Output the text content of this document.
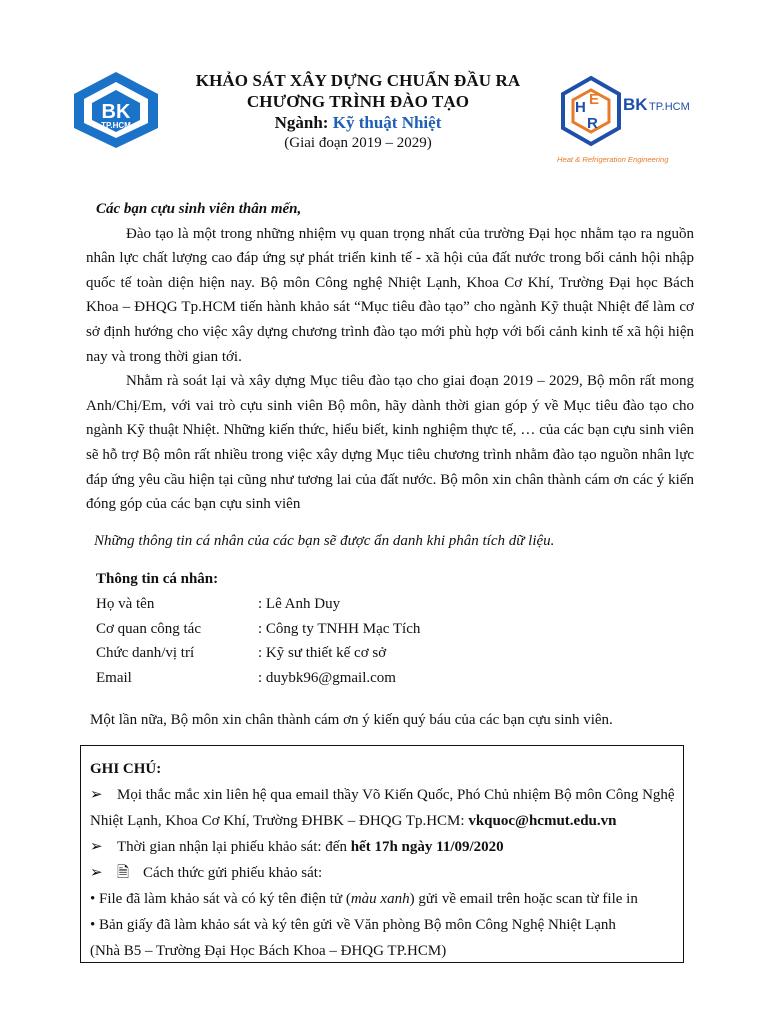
BK
TP.HCM
KHẢO SÁT XÂY DỰNG CHUẨN ĐẦU RA
CHƯƠNG TRÌNH ĐÀO TẠO
Ngành: Kỹ thuật Nhiệt
(Giai đoạn 2019 – 2029)
H E
R
BK TP.HCM
Heat & Refrigeration Engineering

Các bạn cựu sinh viên thân mến,

Đào tạo là một trong những nhiệm vụ quan trọng nhất của trường Đại học nhằm tạo ra nguồn nhân lực chất lượng cao đáp ứng sự phát triển kinh tế - xã hội của đất nước trong bối cảnh hội nhập quốc tế toàn diện hiện nay. Bộ môn Công nghệ Nhiệt Lạnh, Khoa Cơ Khí, Trường Đại học Bách Khoa – ĐHQG Tp.HCM tiến hành khảo sát “Mục tiêu đào tạo” cho ngành Kỹ thuật Nhiệt để làm cơ sở định hướng cho việc xây dựng chương trình đào tạo mới phù hợp với bối cảnh kinh tế xã hội hiện nay và trong thời gian tới.

Nhằm rà soát lại và xây dựng Mục tiêu đào tạo cho giai đoạn 2019 – 2029, Bộ môn rất mong Anh/Chị/Em, với vai trò cựu sinh viên Bộ môn, hãy dành thời gian góp ý về Mục tiêu đào tạo cho ngành Kỹ thuật Nhiệt. Những kiến thức, hiểu biết, kinh nghiệm thực tế, … của các bạn cựu sinh viên sẽ hỗ trợ Bộ môn rất nhiều trong việc xây dựng Mục tiêu chương trình nhằm đào tạo nguồn nhân lực đáp ứng yêu cầu hiện tại cũng như tương lai của đất nước. Bộ môn xin chân thành cám ơn các ý kiến đóng góp của các bạn cựu sinh viên

Những thông tin cá nhân của các bạn sẽ được ẩn danh khi phân tích dữ liệu.

Thông tin cá nhân:
Họ và tên	: Lê Anh Duy
Cơ quan công tác	: Công ty TNHH Mạc Tích
Chức danh/vị trí	: Kỹ sư thiết kế cơ sở
Email	: duybk96@gmail.com

Một lần nữa, Bộ môn xin chân thành cám ơn ý kiến quý báu của các bạn cựu sinh viên.

GHI CHÚ:
➢ Mọi thắc mắc xin liên hệ qua email thầy Võ Kiến Quốc, Phó Chủ nhiệm Bộ môn Công Nghệ Nhiệt Lạnh, Khoa Cơ Khí, Trường ĐHBK – ĐHQG Tp.HCM: vkquoc@hcmut.edu.vn
➢ Thời gian nhận lại phiếu khảo sát: đến hết 17h ngày 11/09/2020
➢ 🗎 Cách thức gửi phiếu khảo sát:
• File đã làm khảo sát và có ký tên điện tử (màu xanh) gửi về email trên hoặc scan từ file in
• Bản giấy đã làm khảo sát và ký tên gửi về Văn phòng Bộ môn Công Nghệ Nhiệt Lạnh
(Nhà B5 – Trường Đại Học Bách Khoa – ĐHQG TP.HCM)
